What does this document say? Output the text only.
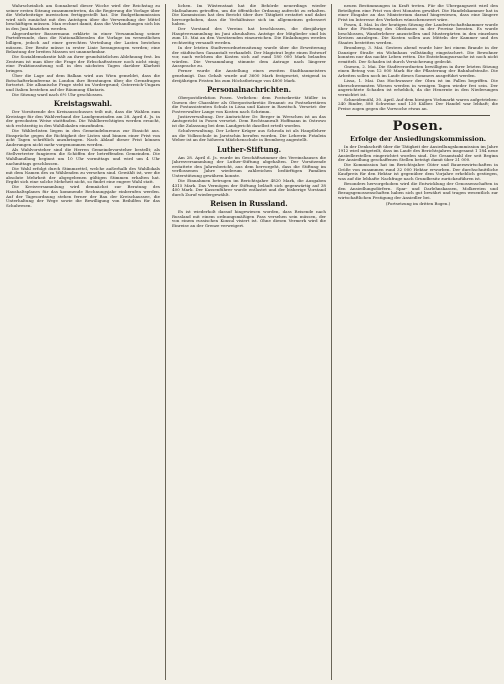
Wahrscheinlich am Sonnabend dieser Woche wird der Reichstag zu seiner ersten Sitzung zusammentreten, da die Regierung die Vorlage über die Wehrbeiträge inzwischen fertiggestellt hat. Die Budgetkommission wird sich zunächst mit den Anträgen über die Verwendung der Mittel beschäftigen müssen. Man rechnet damit, dass die Verhandlungen sich bis in den Juni hinziehen werden.

Abgeordneter Bassermann erklärte in einer Versammlung seiner Parteifreunde, dass die Nationalliberalen die Vorlage im wesentlichen billigen, jedoch auf einer gerechten Verteilung der Lasten bestehen müssen. Der Besitz müsse in erster Linie herangezogen werden; eine Belastung der breiten Massen sei unannehmbar.

Die Sozialdemokratie hält an ihrer grundsätzlichen Ablehnung fest. Im Zentrum ist man über die Frage der Erbschaftssteuer noch nicht einig; eine Fraktionssitzung soll in den nächsten Tagen darüber Klarheit bringen.

Über die Lage auf dem Balkan wird aus Wien gemeldet, dass die Botschafterkonferenz in London ihre Beratungen über die Grenzfragen fortsetzt. Die albanische Frage steht im Vordergrund; Österreich-Ungarn und Italien bestehen auf der Räumung Skutaris.

Die Sitzung ward nach 6½ Uhr geschlossen.

Kreistagswahl.

Der Vorsitzende des Kreisausschusses teilt mit, dass die Wahlen zum Kreistage für den Wahlverband der Landgemeinden am 28. April d. Js. in der gewohnten Weise stattfinden. Die Wahlberechtigten werden ersucht, sich rechtzeitig in den Wahllokalen einzufinden.

Die Wählerlisten liegen in den Gemeindebureaus zur Einsicht aus. Einsprüche gegen die Richtigkeit der Listen sind binnen einer Frist von acht Tagen schriftlich anzubringen. Nach Ablauf dieser Frist können Änderungen nicht mehr vorgenommen werden.

Als Wahlvorsteher sind die Herren Gemeindevorsteher bestellt; als Stellvertreter fungieren die Schöffen der betreffenden Gemeinden. Die Wahlhandlung beginnt um 10 Uhr vormittags und wird um 4 Uhr nachmittags geschlossen.

Die Wahl erfolgt durch Stimmzettel, welche außerhalb des Wahllokals mit dem Namen des zu Wählenden zu versehen sind. Gewählt ist, wer die absolute Mehrheit der abgegebenen gültigen Stimmen erhalten hat. Ergibt sich eine solche Mehrheit nicht, so findet eine engere Wahl statt.

Die Kreisversammlung wird demnächst zur Beratung des Haushaltsplanes für das kommende Rechnungsjahr einberufen werden. Auf der Tagesordnung stehen ferner der Bau der Kreischaussee, die Unterhaltung der Wege sowie die Bewilligung von Beihilfen für das Schulwesen.

lichen. Im Wüstenstaat hat die Behörde neuerdings wieder Maßnahmen getroffen, um die öffentliche Ordnung aufrecht zu erhalten. Die Kommission hat den Bericht über ihre Tätigkeit erstattet und dabei hervorgehoben, dass die Verhältnisse sich im allgemeinen gebessert haben.

Der Vorstand des Vereins hat beschlossen, die diesjährige Hauptversammlung im Juni abzuhalten. Anträge der Mitglieder sind bis zum 15. Mai an den Vorsitzenden einzureichen. Die Einladungen werden rechtzeitig versandt werden.

In der letzten Stadtverordnetensitzung wurde über die Erweiterung der städtischen Gasanstalt verhandelt. Der Magistrat legte einen Entwurf vor, nach welchem die Kosten sich auf rund 180 000 Mark belaufen würden. Die Versammlung stimmte dem Antrage nach längerer Aussprache zu.

Ferner wurde die Anstellung eines zweiten Stadtbaumeisters genehmigt. Das Gehalt wurde auf 3600 Mark festgesetzt, steigend in dreijährigen Fristen bis zum Höchstbetrage von 4800 Mark.

Personalnachrichten.

Oberpostdirektion Posen. Verliehen: dem Postsekretär Müller in Gnesen der Charakter als Oberpostsekretär. Ernannt: zu Postsekretären die Postassistenten Schulz in Lissa und Kaiser in Rawitsch. Versetzt: der Postverwalter Lange von Kosten nach Schrimm.

Justizverwaltung. Der Amtsrichter Dr. Berger in Wreschen ist an das Amtsgericht in Posen versetzt. Dem Rechtsanwalt Hoffmann in Ostrowo ist die Zulassung bei dem Landgericht daselbst erteilt worden.

Schulverwaltung. Der Lehrer Krüger aus Schroda ist als Hauptlehrer an die Volksschule in Jarotschin berufen worden. Die Lehrerin Fräulein Weber ist an der höheren Mädchenschule in Bromberg angestellt.

Luther-Stiftung.

Am 28. April d. Js. wurde im Geschäftszimmer des Vereinshauses die Jahresversammlung der Luther-Stiftung abgehalten. Der Vorsitzende erstattete den Jahresbericht, aus dem hervorgeht, dass die Stiftung im verflossenen Jahre wiederum zahlreichen bedürftigen Familien Unterstützung gewähren konnte.

Die Einnahmen betrugen im Berichtsjahre 4820 Mark, die Ausgaben 4315 Mark. Das Vermögen der Stiftung beläuft sich gegenwärtig auf 38 400 Mark. Der Kassenführer wurde entlastet und der bisherige Vorstand durch Zuruf wiedergewählt.

Reisen in Russland.

Es ist wiederholt darauf hingewiesen worden, dass Reisende nach Russland mit einem ordnungsmäßigen Pass versehen sein müssen, der von einem russischen Konsul visiert ist. Ohne diesen Vermerk wird die Einreise an der Grenze verweigert.

neuen Bestimmungen in Kraft treten. Für die Übergangszeit wird den Beteiligten eine Frist von drei Monaten gewährt. Die Handelskammer hat in einer Eingabe an das Ministerium darauf hingewiesen, dass eine längere Frist im Interesse des Verkehrs wünschenswert wäre.

Posen, 4. Mai. In der heutigen Sitzung der Landwirtschaftskammer wurde über die Förderung des Obstbaues in der Provinz beraten. Es wurde beschlossen, Wanderlehrer anzustellen und Mustergärten in den einzelnen Kreisen anzulegen. Die Kosten sollen aus Mitteln der Kammer und des Staates bestritten werden.

Bromberg, 3. Mai. Gestern abend wurde hier bei einem Brande in der Danziger Straße ein Wohnhaus vollständig eingeäschert. Die Bewohner konnten nur das nackte Leben retten. Die Entstehungsursache ist noch nicht ermittelt. Der Schaden ist durch Versicherung gedeckt.

Gnesen, 2. Mai. Die Stadtverordneten bewilligten in ihrer letzten Sitzung einen Betrag von 12 000 Mark für die Pflasterung der Bahnhofstraße. Die Arbeiten sollen noch im Laufe dieses Sommers ausgeführt werden.

Lissa, 1. Mai. Das Hochwasser der Obra ist im Fallen begriffen. Die überschwemmten Wiesen werden in wenigen Tagen wieder frei sein. Der angerichtete Schaden ist erheblich, da die Heuernte in den Niederungen vernichtet ist.

Schneidemühl, 30. April. Auf dem hiesigen Viehmarkt waren aufgetrieben: 240 Rinder, 580 Schweine und 120 Kälber. Der Handel war lebhaft; die Preise zogen gegen die Vorwoche etwas an.

Posen.
Erfolge der Ansiedlungskommission.

In der Denkschrift über die Tätigkeit der Ansiedlungskommission im Jahre 1912 wird mitgeteilt, dass im Laufe des Berichtsjahres insgesamt 1 184 neue Ansiedlerstellen eingerichtet worden sind. Die Gesamtzahl der seit Beginn der Ansiedlung geschaffenen Stellen beträgt damit über 21 000.

Die Kommission hat im Berichtsjahre Güter und Bauernwirtschaften in Größe von zusammen rund 32 000 Hektar erworben. Der durchschnittliche Kaufpreis für den Hektar ist gegenüber dem Vorjahre erheblich gestiegen, was auf die lebhafte Nachfrage nach Grundbesitz zurückzuführen ist.

Besonders hervorgehoben wird die Entwicklung der Genossenschaften in den Ansiedlungsdörfern. Spar- und Darlehnskassen, Molkereien und Bezugsgenossenschaften haben sich gut bewährt und tragen wesentlich zur wirtschaftlichen Festigung der Ansiedler bei.

(Fortsetzung im dritten Bogen.)
